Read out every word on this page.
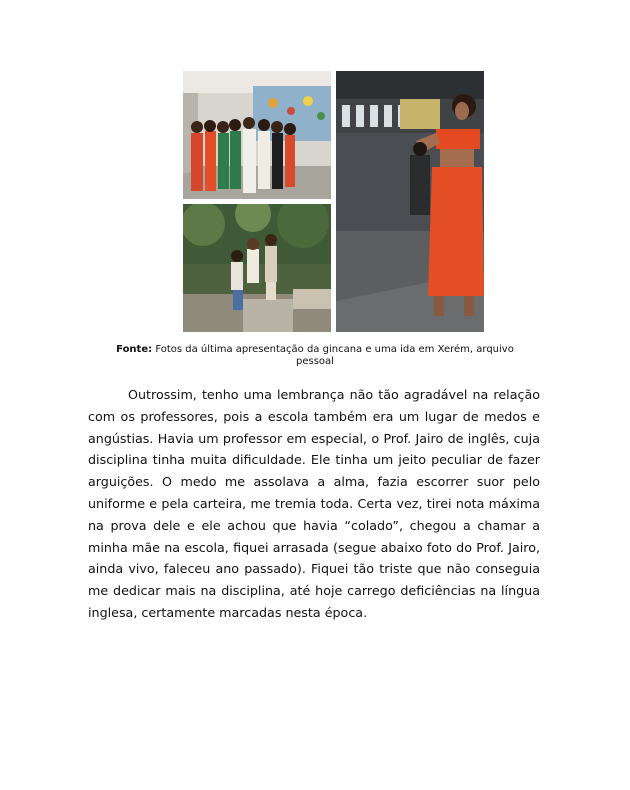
Fonte: Fotos da última apresentação da gincana e uma ida em Xerém, arquivo pessoal

Outrossim, tenho uma lembrança não tão agradável na relação com os professores, pois a escola também era um lugar de medos e angústias. Havia um professor em especial, o Prof. Jairo de inglês, cuja disciplina tinha muita dificuldade. Ele tinha um jeito peculiar de fazer arguições. O medo me assolava a alma, fazia escorrer suor pelo uniforme e pela carteira, me tremia toda. Certa vez, tirei nota máxima na prova dele e ele achou que havia “colado”, chegou a chamar a minha mãe na escola, fiquei arrasada (segue abaixo foto do Prof. Jairo, ainda vivo, faleceu ano passado). Fiquei tão triste que não conseguia me dedicar mais na disciplina, até hoje carrego deficiências na língua inglesa, certamente marcadas nesta época.
